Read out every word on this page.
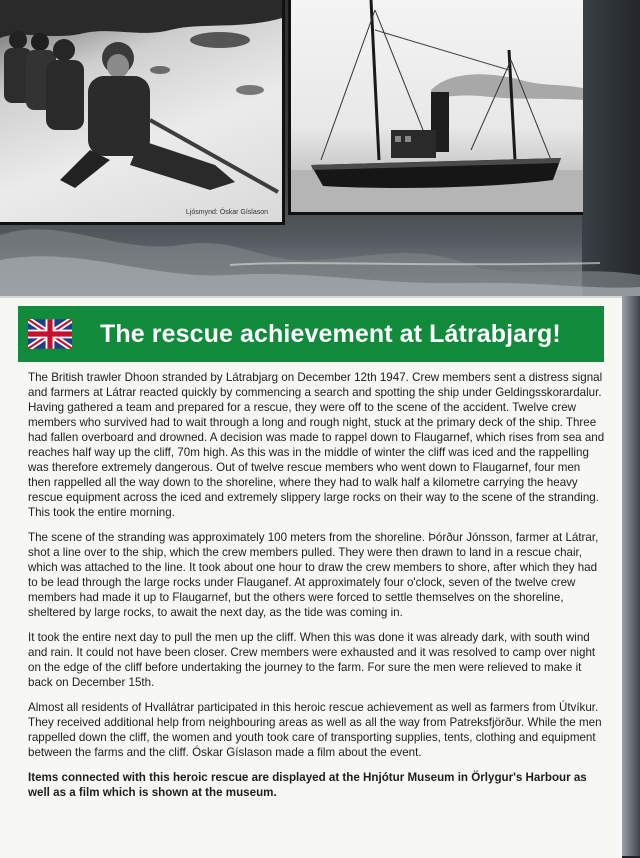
Ljósmynd: Óskar Gíslason
The rescue achievement at Látrabjarg!

The British trawler Dhoon stranded by Látrabjarg on December 12th 1947. Crew members sent a distress signal and farmers at Látrar reacted quickly by commencing a search and spotting the ship under Geldingsskorardalur. Having gathered a team and prepared for a rescue, they were off to the scene of the accident. Twelve crew members who survived had to wait through a long and rough night, stuck at the primary deck of the ship. Three had fallen overboard and drowned. A decision was made to rappel down to Flaugarnef, which rises from sea and reaches half way up the cliff, 70m high. As this was in the middle of winter the cliff was iced and the rappelling was therefore extremely dangerous. Out of twelve rescue members who went down to Flaugarnef, four men then rappelled all the way down to the shoreline, where they had to walk half a kilometre carrying the heavy rescue equipment across the iced and extremely slippery large rocks on their way to the scene of the stranding. This took the entire morning.

The scene of the stranding was approximately 100 meters from the shoreline. Þórður Jónsson, farmer at Látrar, shot a line over to the ship, which the crew members pulled. They were then drawn to land in a rescue chair, which was attached to the line. It took about one hour to draw the crew members to shore, after which they had to be lead through the large rocks under Flauganef. At approximately four o'clock, seven of the twelve crew members had made it up to Flaugarnef, but the others were forced to settle themselves on the shoreline, sheltered by large rocks, to await the next day, as the tide was coming in.

It took the entire next day to pull the men up the cliff. When this was done it was already dark, with south wind and rain. It could not have been closer. Crew members were exhausted and it was resolved to camp over night on the edge of the cliff before undertaking the journey to the farm. For sure the men were relieved to make it back on December 15th.

Almost all residents of Hvallátrar participated in this heroic rescue achievement as well as farmers from Útvíkur. They received additional help from neighbouring areas as well as all the way from Patreksfjörður. While the men rappelled down the cliff, the women and youth took care of transporting supplies, tents, clothing and equipment between the farms and the cliff. Óskar Gíslason made a film about the event.

Items connected with this heroic rescue are displayed at the Hnjótur Museum in Örlygur's Harbour as well as a film which is shown at the museum.
